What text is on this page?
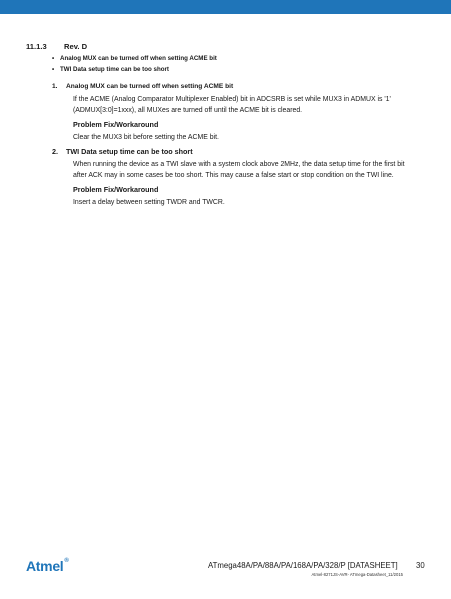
11.1.3 Rev. D
• Analog MUX can be turned off when setting ACME bit
• TWI Data setup time can be too short
1. Analog MUX can be turned off when setting ACME bit

If the ACME (Analog Comparator Multiplexer Enabled) bit in ADCSRB is set while MUX3 in ADMUX is '1' (ADMUX[3:0]=1xxx), all MUXes are turned off until the ACME bit is cleared.

Problem Fix/Workaround

Clear the MUX3 bit before setting the ACME bit.

2. TWI Data setup time can be too short

When running the device as a TWI slave with a system clock above 2MHz, the data setup time for the first bit after ACK may in some cases be too short. This may cause a false start or stop condition on the TWI line.

Problem Fix/Workaround

Insert a delay between setting TWDR and TWCR.

Atmel®	ATmega48A/PA/88A/PA/168A/PA/328/P [DATASHEET] 30
Atmel-8271JS-AVR- ATmega-Datasheet_11/2015
